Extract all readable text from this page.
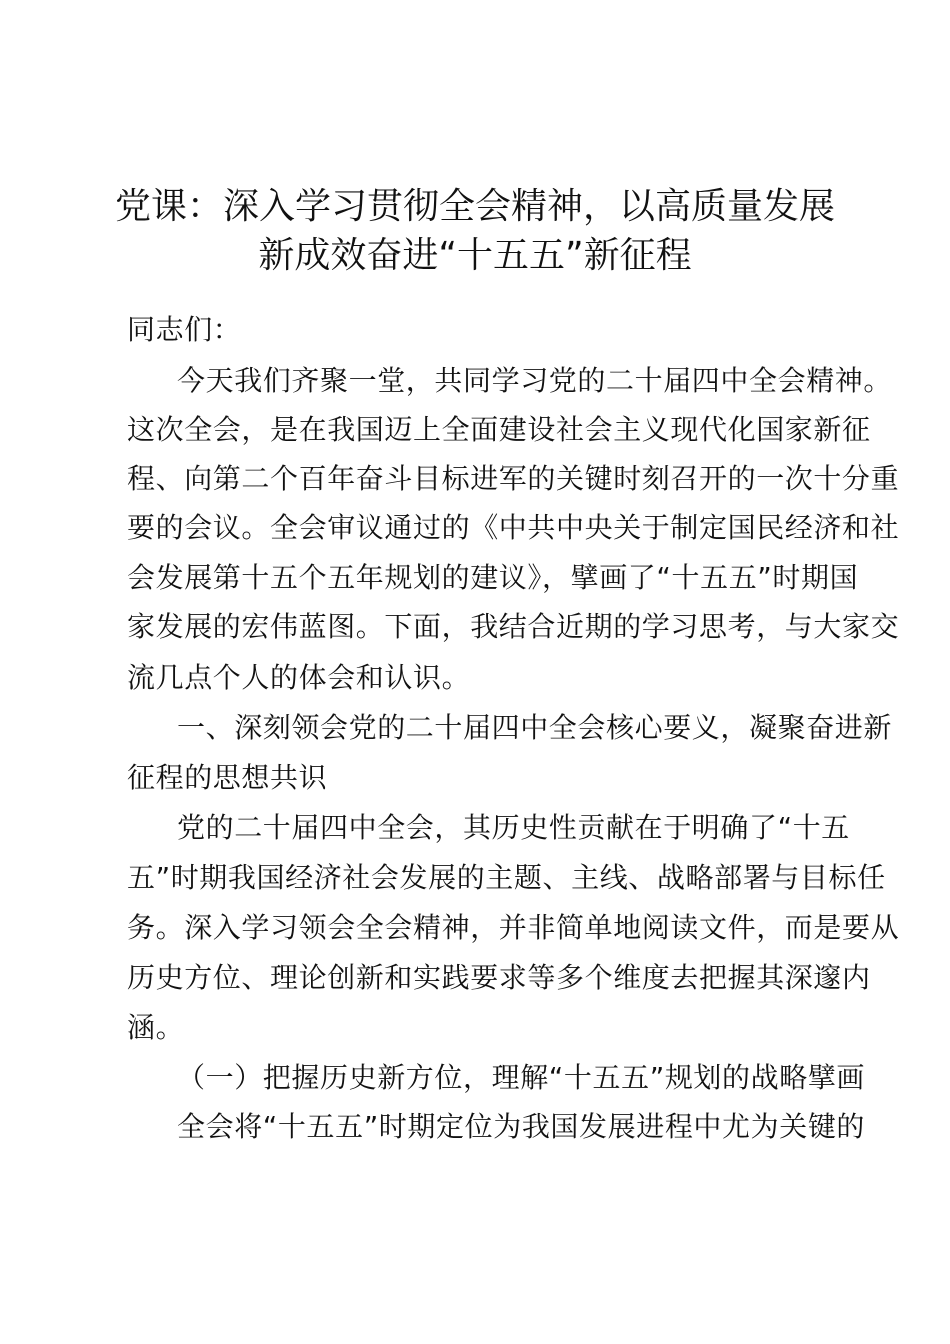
党课：深入学习贯彻全会精神，以高质量发展
新成效奋进“十五五”新征程
同志们：
今天我们齐聚一堂，共同学习党的二十届四中全会精神。
这次全会，是在我国迈上全面建设社会主义现代化国家新征
程、向第二个百年奋斗目标进军的关键时刻召开的一次十分重
要的会议。全会审议通过的《中共中央关于制定国民经济和社
会发展第十五个五年规划的建议》，擘画了“十五五”时期国
家发展的宏伟蓝图。下面，我结合近期的学习思考，与大家交
流几点个人的体会和认识。
一、深刻领会党的二十届四中全会核心要义，凝聚奋进新
征程的思想共识
党的二十届四中全会，其历史性贡献在于明确了“十五
五”时期我国经济社会发展的主题、主线、战略部署与目标任
务。深入学习领会全会精神，并非简单地阅读文件，而是要从
历史方位、理论创新和实践要求等多个维度去把握其深邃内
涵。
（一）把握历史新方位，理解“十五五”规划的战略擘画
全会将“十五五”时期定位为我国发展进程中尤为关键的
